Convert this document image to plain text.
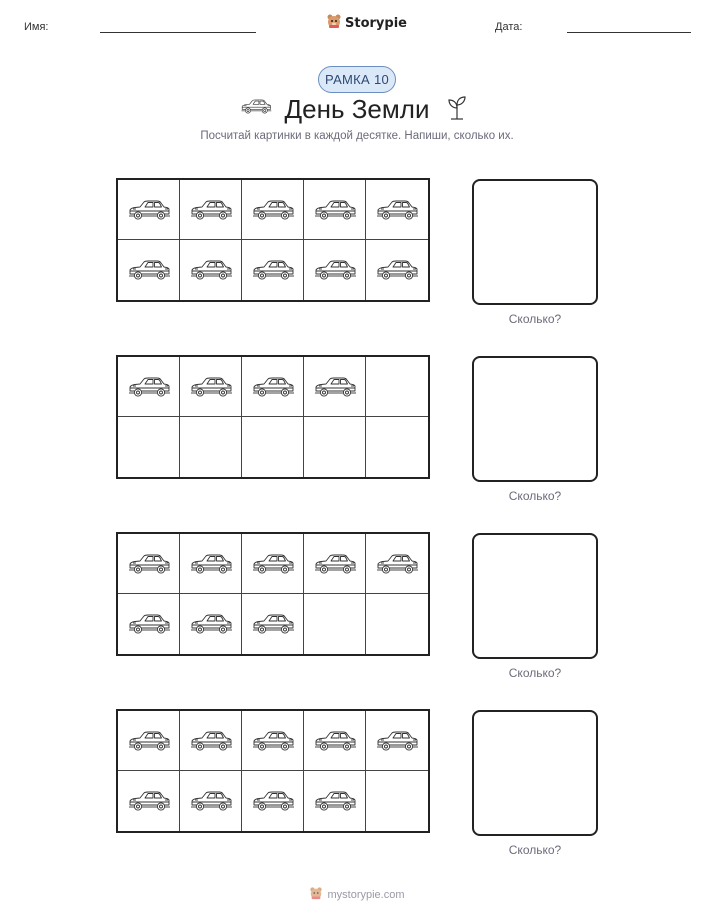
Имя:	Storypie	Дата:
РАМКА 10
День Земли
Посчитай картинки в каждой десятке. Напиши, сколько их.
Сколько?
Сколько?
Сколько?
Сколько?
mystorypie.com
